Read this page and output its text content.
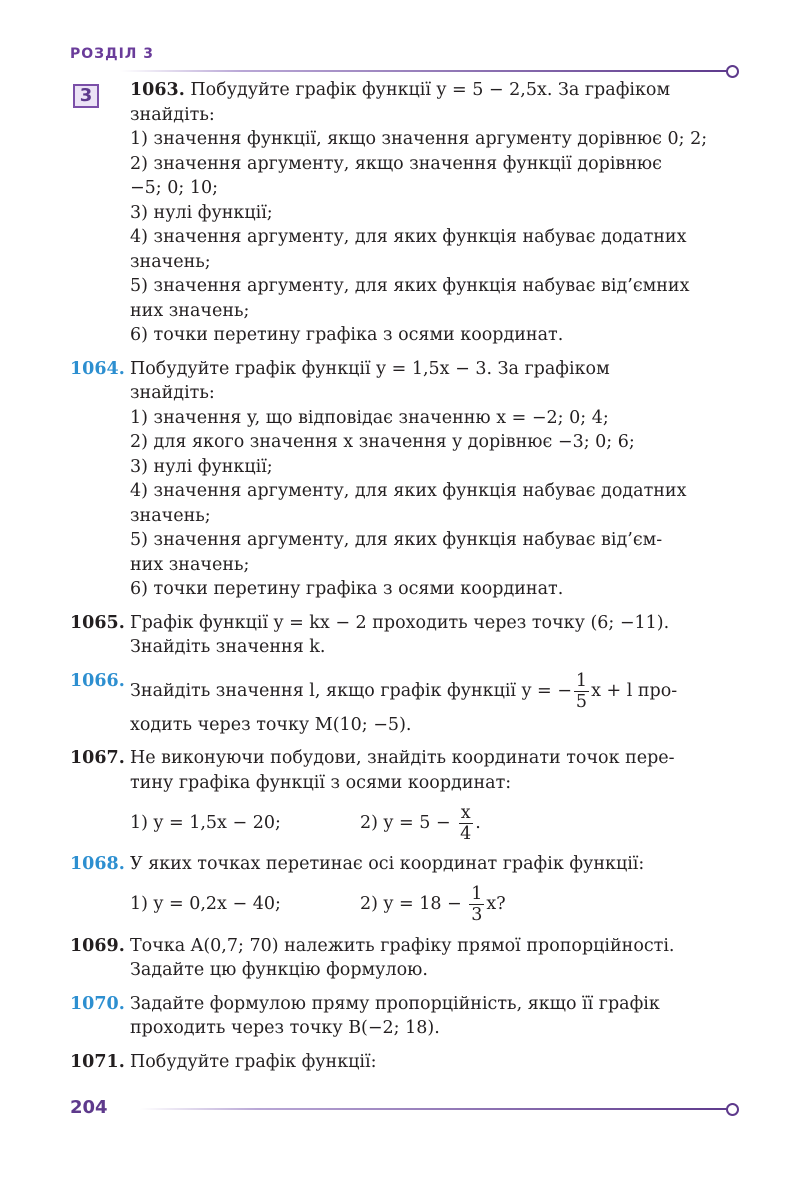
РОЗДІЛ 3
3	1063. Побудуйте графік функції y = 5 − 2,5x. За графіком
знайдіть:
1) значення функції, якщо значення аргументу дорівнює 0; 2;
2) значення аргументу, якщо значення функції дорівнює
−5; 0; 10;
3) нулі функції;
4) значення аргументу, для яких функція набуває додатних
значень;
5) значення аргументу, для яких функція набуває від’ємних
них значень;
6) точки перетину графіка з осями координат.
1064. Побудуйте графік функції y = 1,5x − 3. За графіком
знайдіть:
1) значення y, що відповідає значенню x = −2; 0; 4;
2) для якого значення x значення y дорівнює −3; 0; 6;
3) нулі функції;
4) значення аргументу, для яких функція набуває додатних
значень;
5) значення аргументу, для яких функція набуває від’єм-
них значень;
6) точки перетину графіка з осями координат.
1065. Графік функції y = kx − 2 проходить через точку (6; −11).
Знайдіть значення k.
1066. Знайдіть значення l, якщо графік функції y = − $\frac{1}{5}$ x + l про-
ходить через точку M(10; −5).
1067. Не виконуючи побудови, знайдіть координати точок пере-
тину графіка функції з осями координат:
1) y = 1,5x − 20;	2) $y = 5 - \frac{x}{4}$ .
1068. У яких точках перетинає осі координат графік функції:
1) y = 0,2x − 40;	2) $y = 18 - \frac{1}{3} x$?
1069. Точка A(0,7; 70) належить графіку прямої пропорційності.
Задайте цю функцію формулою.
1070. Задайте формулою пряму пропорційність, якщо її графік
проходить через точку B(−2; 18).
1071. Побудуйте графік функції:
204
